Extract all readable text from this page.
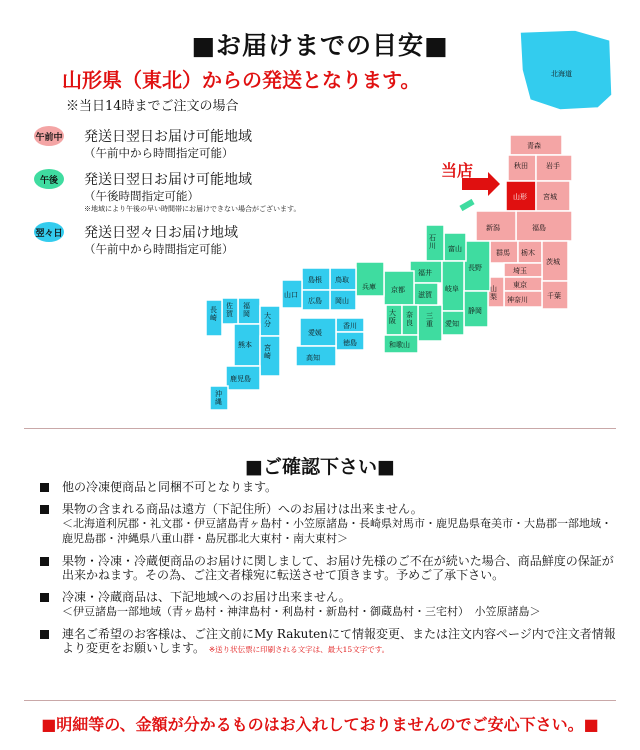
■お届けまでの目安■
山形県（東北）からの発送となります。
※当日14時までご注文の場合
午前中 発送日翌日お届け可能地域
（午前中から時間指定可能）
午後	発送日翌日お届け可能地域
（午後時間指定可能）
※地域により午後の早い時間帯にお届けできない場合がございます。
翌々日 発送日翌々日お届け地域
（午前中から時間指定可能）
当店
北海道
青森
秋田	岩手
山形 宮城
福島
新潟
群馬 栃木
茨城
埼玉
東京
千葉
神奈川
山梨
長野
富山
石川
福井
岐阜
静岡
愛知
三重
滋賀
京都
大阪
奈良
和歌山
兵庫
鳥取
島根
岡山
広島
山口
香川
徳島
愛媛
高知
福岡
佐賀
長崎	大分
熊本 宮崎
鹿児島
沖縄
■ご確認下さい■
他の冷凍便商品と同梱不可となります。
果物の含まれる商品は遠方（下記住所）へのお届けは出来ません。
＜北海道利尻郡・礼文郡・伊豆諸島青ヶ島村・小笠原諸島・長崎県対馬市・鹿児島県奄美市・大島郡一部地域・鹿児島郡・沖縄県八重山群・島尻郡北大東村・南大東村＞
果物・冷凍・冷蔵便商品のお届けに関しまして、お届け先様のご不在が続いた場合、商品鮮度の保証が出来かねます。その為、ご注文者様宛に転送させて頂きます。予めご了承下さい。
冷凍・冷蔵商品は、下記地域へのお届け出来ません。
＜伊豆諸島一部地域（青ヶ島村・神津島村・利島村・新島村・御蔵島村・三宅村）　小笠原諸島＞
連名ご希望のお客様は、ご注文前にMy Rakutenにて情報変更、または注文内容ページ内で注文者情報より変更をお願いします。 ※送り状伝票に印刷される文字は、最大15文字です。
■明細等の、金額が分かるものはお入れしておりませんのでご安心下さい。■
